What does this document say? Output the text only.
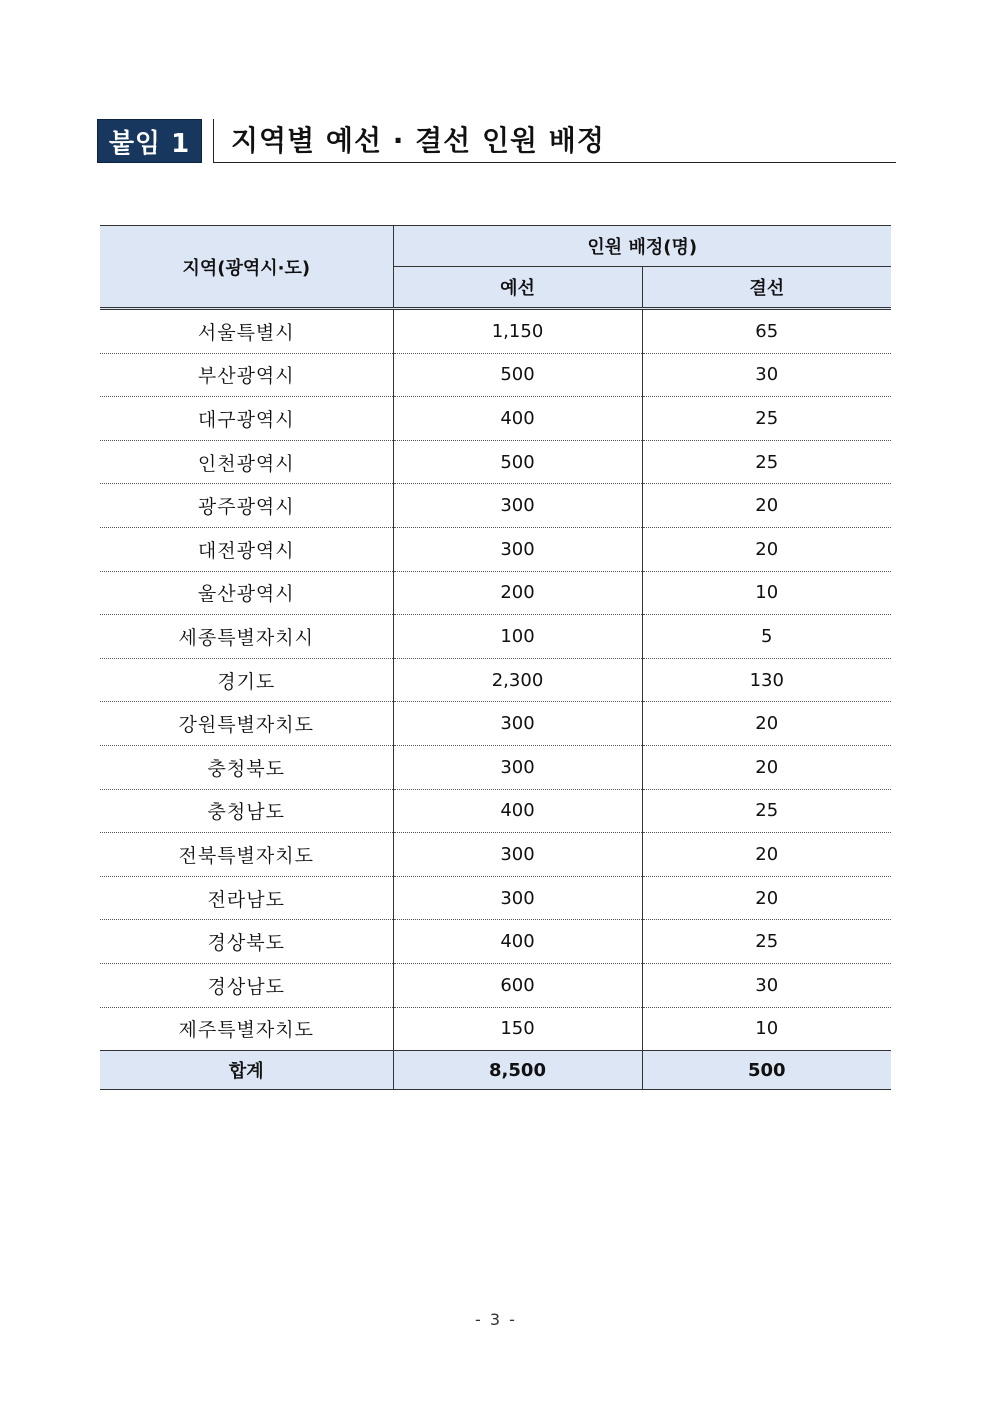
붙임 1	지역별 예선 · 결선 인원 배정
지역(광역시·도)	인원 배정(명)	
	예선	결선
서울특별시	1,150	65
부산광역시	500	30
대구광역시	400	25
인천광역시	500	25
광주광역시	300	20
대전광역시	300	20
울산광역시	200	10
세종특별자치시	100	5
경기도	2,300	130
강원특별자치도	300	20
충청북도	300	20
충청남도	400	25
전북특별자치도	300	20
전라남도	300	20
경상북도	400	25
경상남도	600	30
제주특별자치도	150	10
합계	8,500	500
- 3 -
